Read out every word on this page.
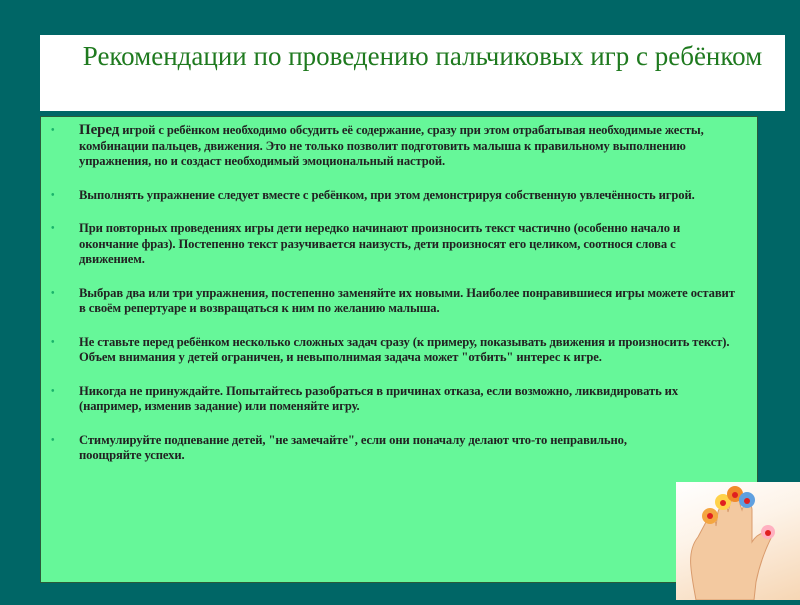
Рекомендации по проведению пальчиковых игр с ребёнком
• Перед игрой с ребёнком необходимо обсудить её содержание, сразу при этом отрабатывая необходимые жесты, комбинации пальцев, движения. Это не только позволит подготовить малыша к правильному выполнению упражнения, но и создаст необходимый эмоциональный настрой.
• Выполнять упражнение следует вместе с ребёнком, при этом демонстрируя собственную увлечённость игрой.
• При повторных проведениях игры дети нередко начинают произносить текст частично (особенно начало и окончание фраз). Постепенно текст разучивается наизусть, дети произносят его целиком, соотнося слова с движением.
• Выбрав два или три упражнения, постепенно заменяйте их новыми. Наиболее понравившиеся игры можете оставит в своём репертуаре и возвращаться к ним по желанию малыша.
• Не ставьте перед ребёнком несколько сложных задач сразу (к примеру, показывать движения и произносить текст). Объем внимания у детей ограничен, и невыполнимая задача может "отбить" интерес к игре.
• Никогда не принуждайте. Попытайтесь разобраться в причинах отказа, если возможно, ликвидировать их (например, изменив задание) или поменяйте игру.
• Стимулируйте подпевание детей, "не замечайте", если они поначалу делают что-то неправильно, поощряйте успехи.
